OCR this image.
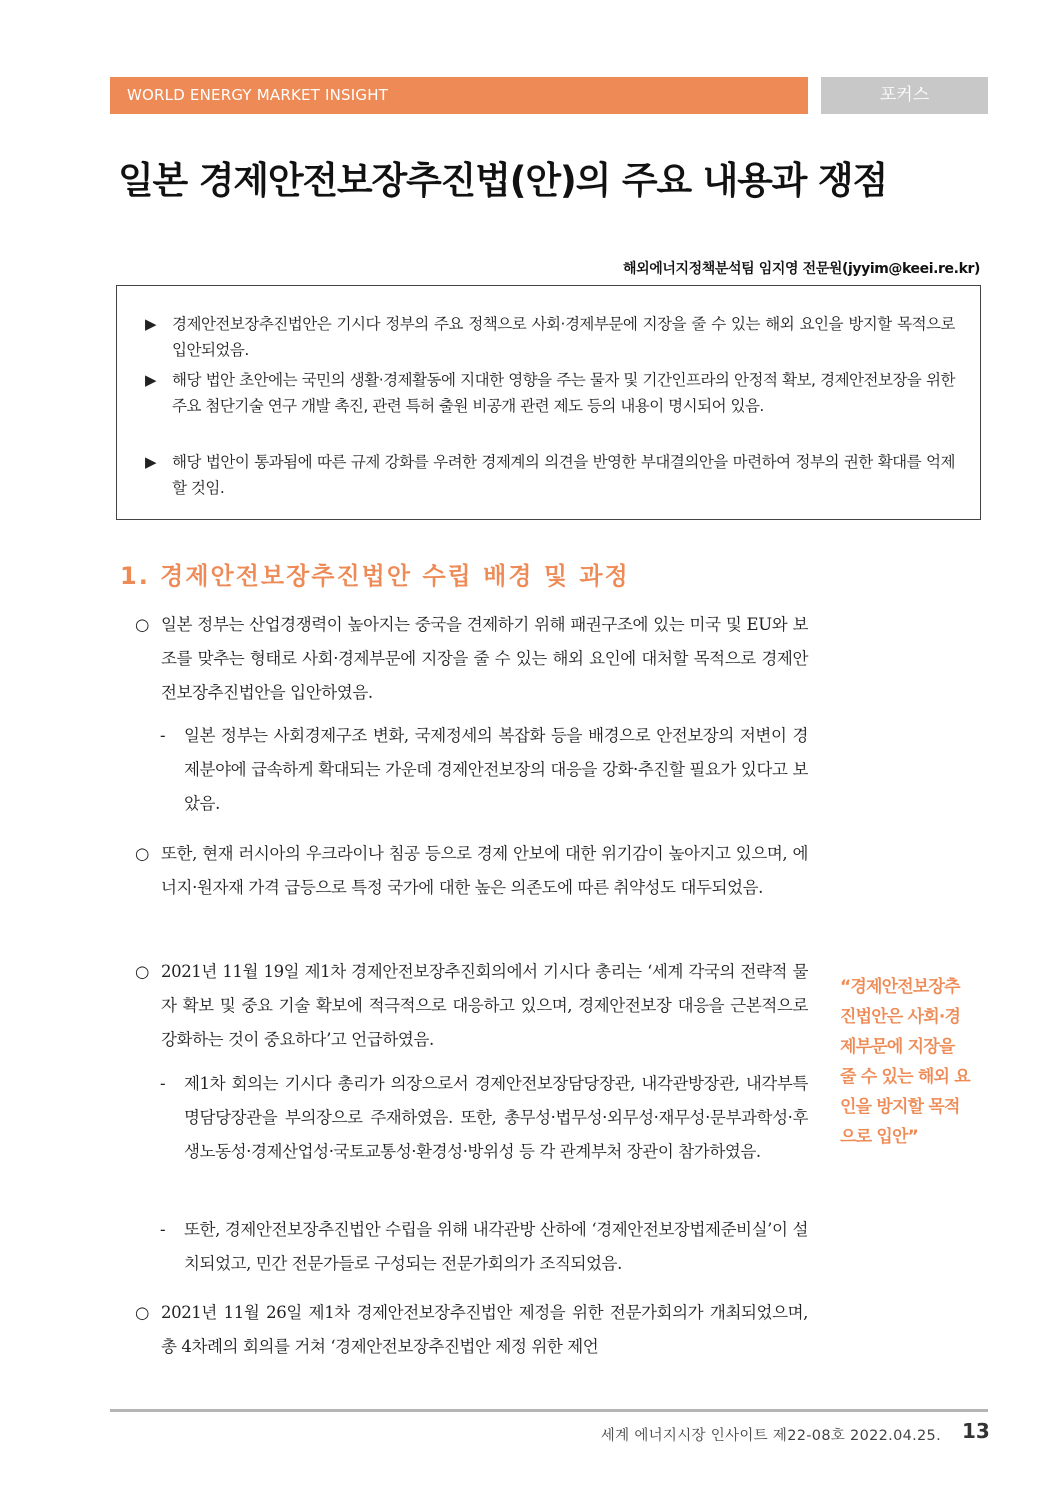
WORLD ENERGY MARKET INSIGHT	포커스
일본 경제안전보장추진법(안)의 주요 내용과 쟁점
해외에너지정책분석팀 임지영 전문원(jyyim@keei.re.kr)
▶	경제안전보장추진법안은 기시다 정부의 주요 정책으로 사회·경제부문에 지장을 줄 수 있는 해외 요인을 방지할 목적으로 입안되었음.
▶	해당 법안 초안에는 국민의 생활·경제활동에 지대한 영향을 주는 물자 및 기간인프라의 안정적 확보, 경제안전보장을 위한 주요 첨단기술 연구 개발 촉진, 관련 특허 출원 비공개 관련 제도 등의 내용이 명시되어 있음.
▶	해당 법안이 통과됨에 따른 규제 강화를 우려한 경제계의 의견을 반영한 부대결의안을 마련하여 정부의 권한 확대를 억제할 것임.
1. 경제안전보장추진법안 수립 배경 및 과정
○ 일본 정부는 산업경쟁력이 높아지는 중국을 견제하기 위해 패권구조에 있는 미국 및 EU와 보조를 맞추는 형태로 사회·경제부문에 지장을 줄 수 있는 해외 요인에 대처할 목적으로 경제안전보장추진법안을 입안하였음.
-	일본 정부는 사회경제구조 변화, 국제정세의 복잡화 등을 배경으로 안전보장의 저변이 경제분야에 급속하게 확대되는 가운데 경제안전보장의 대응을 강화·추진할 필요가 있다고 보았음.
○ 또한, 현재 러시아의 우크라이나 침공 등으로 경제 안보에 대한 위기감이 높아지고 있으며, 에너지·원자재 가격 급등으로 특정 국가에 대한 높은 의존도에 따른 취약성도 대두되었음.
○ 2021년 11월 19일 제1차 경제안전보장추진회의에서 기시다 총리는 ‘세계 각국의 전략적 물자 확보 및 중요 기술 확보에 적극적으로 대응하고 있으며, 경제안전보장 대응을 근본적으로 강화하는 것이 중요하다’고 언급하였음.
-	제1차 회의는 기시다 총리가 의장으로서 경제안전보장담당장관, 내각관방장관, 내각부특명담당장관을 부의장으로 주재하였음. 또한, 총무성·법무성·외무성·재무성·문부과학성·후생노동성·경제산업성·국토교통성·환경성·방위성 등 각 관계부처 장관이 참가하였음.
-	또한, 경제안전보장추진법안 수립을 위해 내각관방 산하에 ‘경제안전보장법제준비실’이 설치되었고, 민간 전문가들로 구성되는 전문가회의가 조직되었음.
○ 2021년 11월 26일 제1차 경제안전보장추진법안 제정을 위한 전문가회의가 개최되었으며, 총 4차례의 회의를 거쳐 ‘경제안전보장추진법안 제정 위한 제언
“경제안전보장추진법안은 사회·경제부문에 지장을 줄 수 있는 해외 요인을 방지할 목적으로 입안”
세계 에너지시장 인사이트 제22-08호 2022.04.25. 13
